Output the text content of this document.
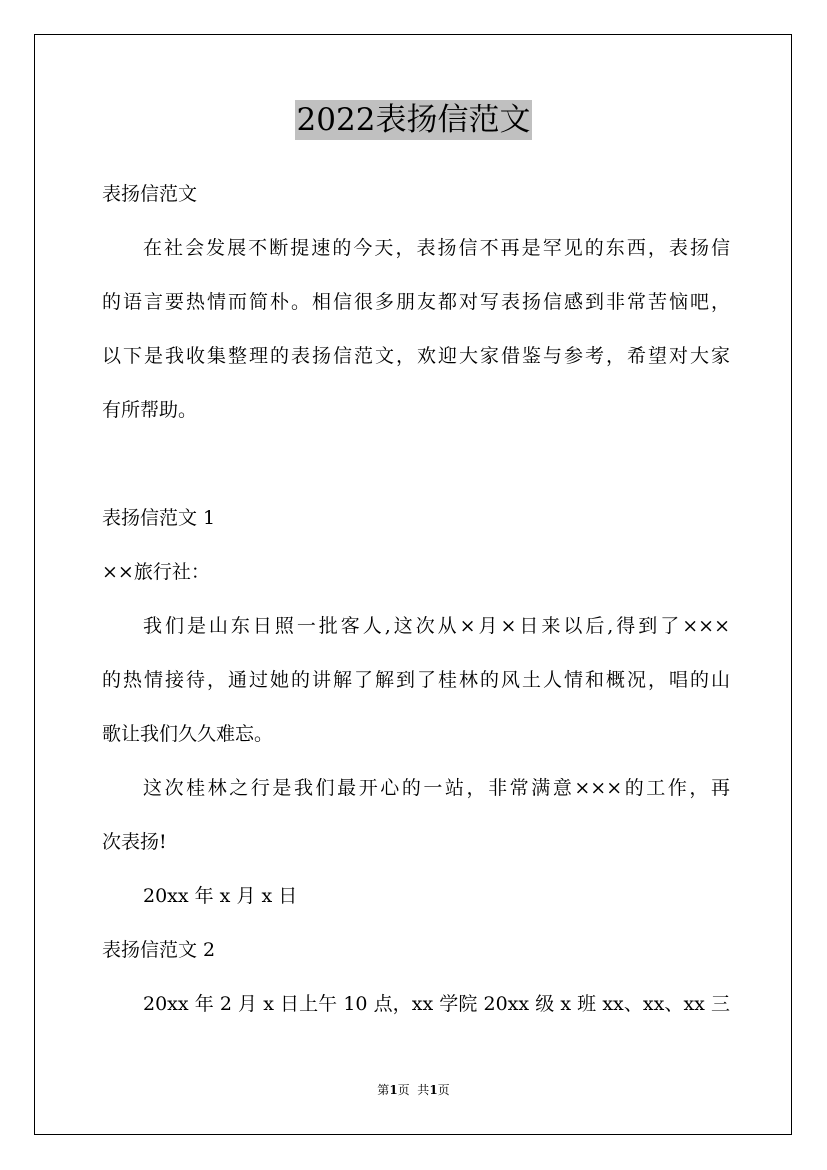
2022表扬信范文
表扬信范文
在社会发展不断提速的今天，表扬信不再是罕见的东西，表扬信
的语言要热情而简朴。相信很多朋友都对写表扬信感到非常苦恼吧，
以下是我收集整理的表扬信范文，欢迎大家借鉴与参考，希望对大家
有所帮助。
表扬信范文 1
××旅行社：
我们是山东日照一批客人,这次从×月×日来以后,得到了×××
的热情接待，通过她的讲解了解到了桂林的风土人情和概况，唱的山
歌让我们久久难忘。
这次桂林之行是我们最开心的一站，非常满意×××的工作，再
次表扬!
20xx 年 x 月 x 日
表扬信范文 2
20xx 年 2 月 x 日上午 10 点，xx 学院 20xx 级 x 班 xx、xx、xx 三
第1页  共1页
